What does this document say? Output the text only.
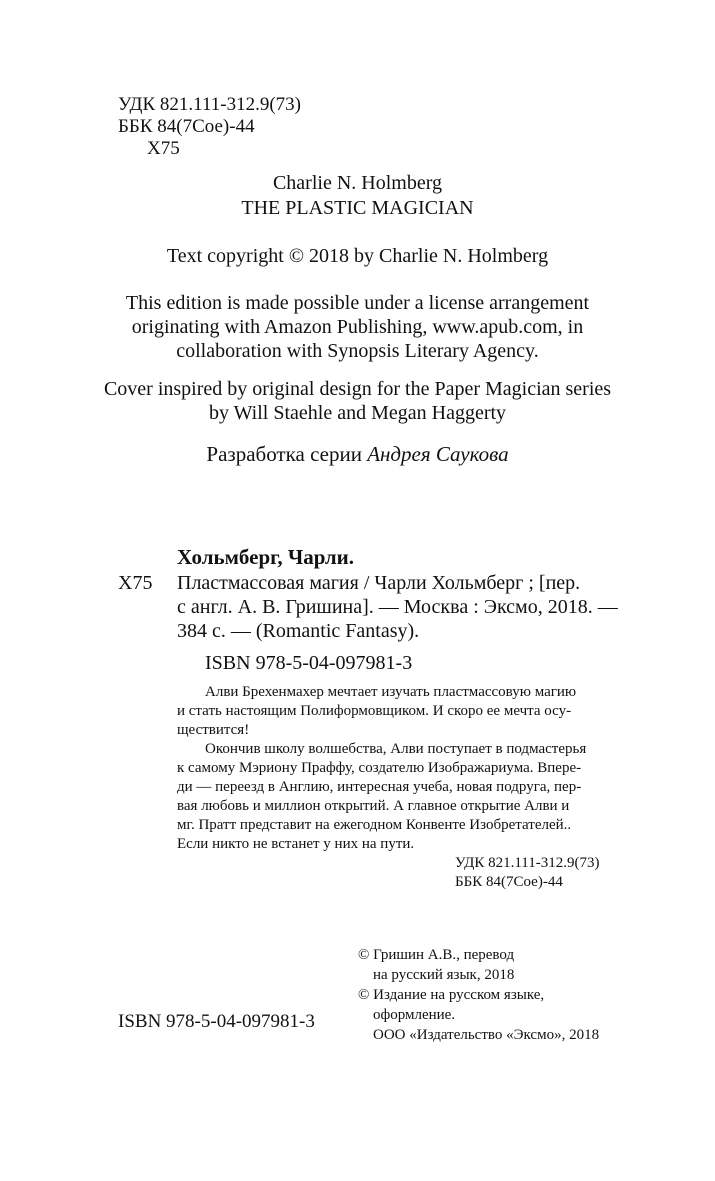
УДК 821.111-312.9(73)
ББК 84(7Сое)-44
Х75
Charlie N. Holmberg
THE PLASTIC MAGICIAN
Text copyright © 2018 by Charlie N. Holmberg
This edition is made possible under a license arrangement
originating with Amazon Publishing, www.apub.com, in
collaboration with Synopsis Literary Agency.
Cover inspired by original design for the Paper Magician series
by Will Staehle and Megan Haggerty
Разработка серии Андрея Саукова
Хольмберг, Чарли.
Х75 Пластмассовая магия / Чарли Хольмберг ; [пер.
с англ. А. В. Гришина]. — Москва : Эксмо, 2018. —
384 с. — (Romantic Fantasy).
ISBN 978-5-04-097981-3
Алви Брехенмахер мечтает изучать пластмассовую магию
и стать настоящим Полиформовщиком. И скоро ее мечта осу-
ществится!
Окончив школу волшебства, Алви поступает в подмастерья
к самому Мэриону Праффу, создателю Изображариума. Впере-
ди — переезд в Англию, интересная учеба, новая подруга, пер-
вая любовь и миллион открытий. А главное открытие Алви и
мг. Пратт представит на ежегодном Конвенте Изобретателей..
Если никто не встанет у них на пути.
УДК 821.111-312.9(73)
ББК 84(7Сое)-44
ISBN 978-5-04-097981-3
© Гришин А.В., перевод
на русский язык, 2018
© Издание на русском языке,
оформление.
ООО «Издательство «Эксмо», 2018
